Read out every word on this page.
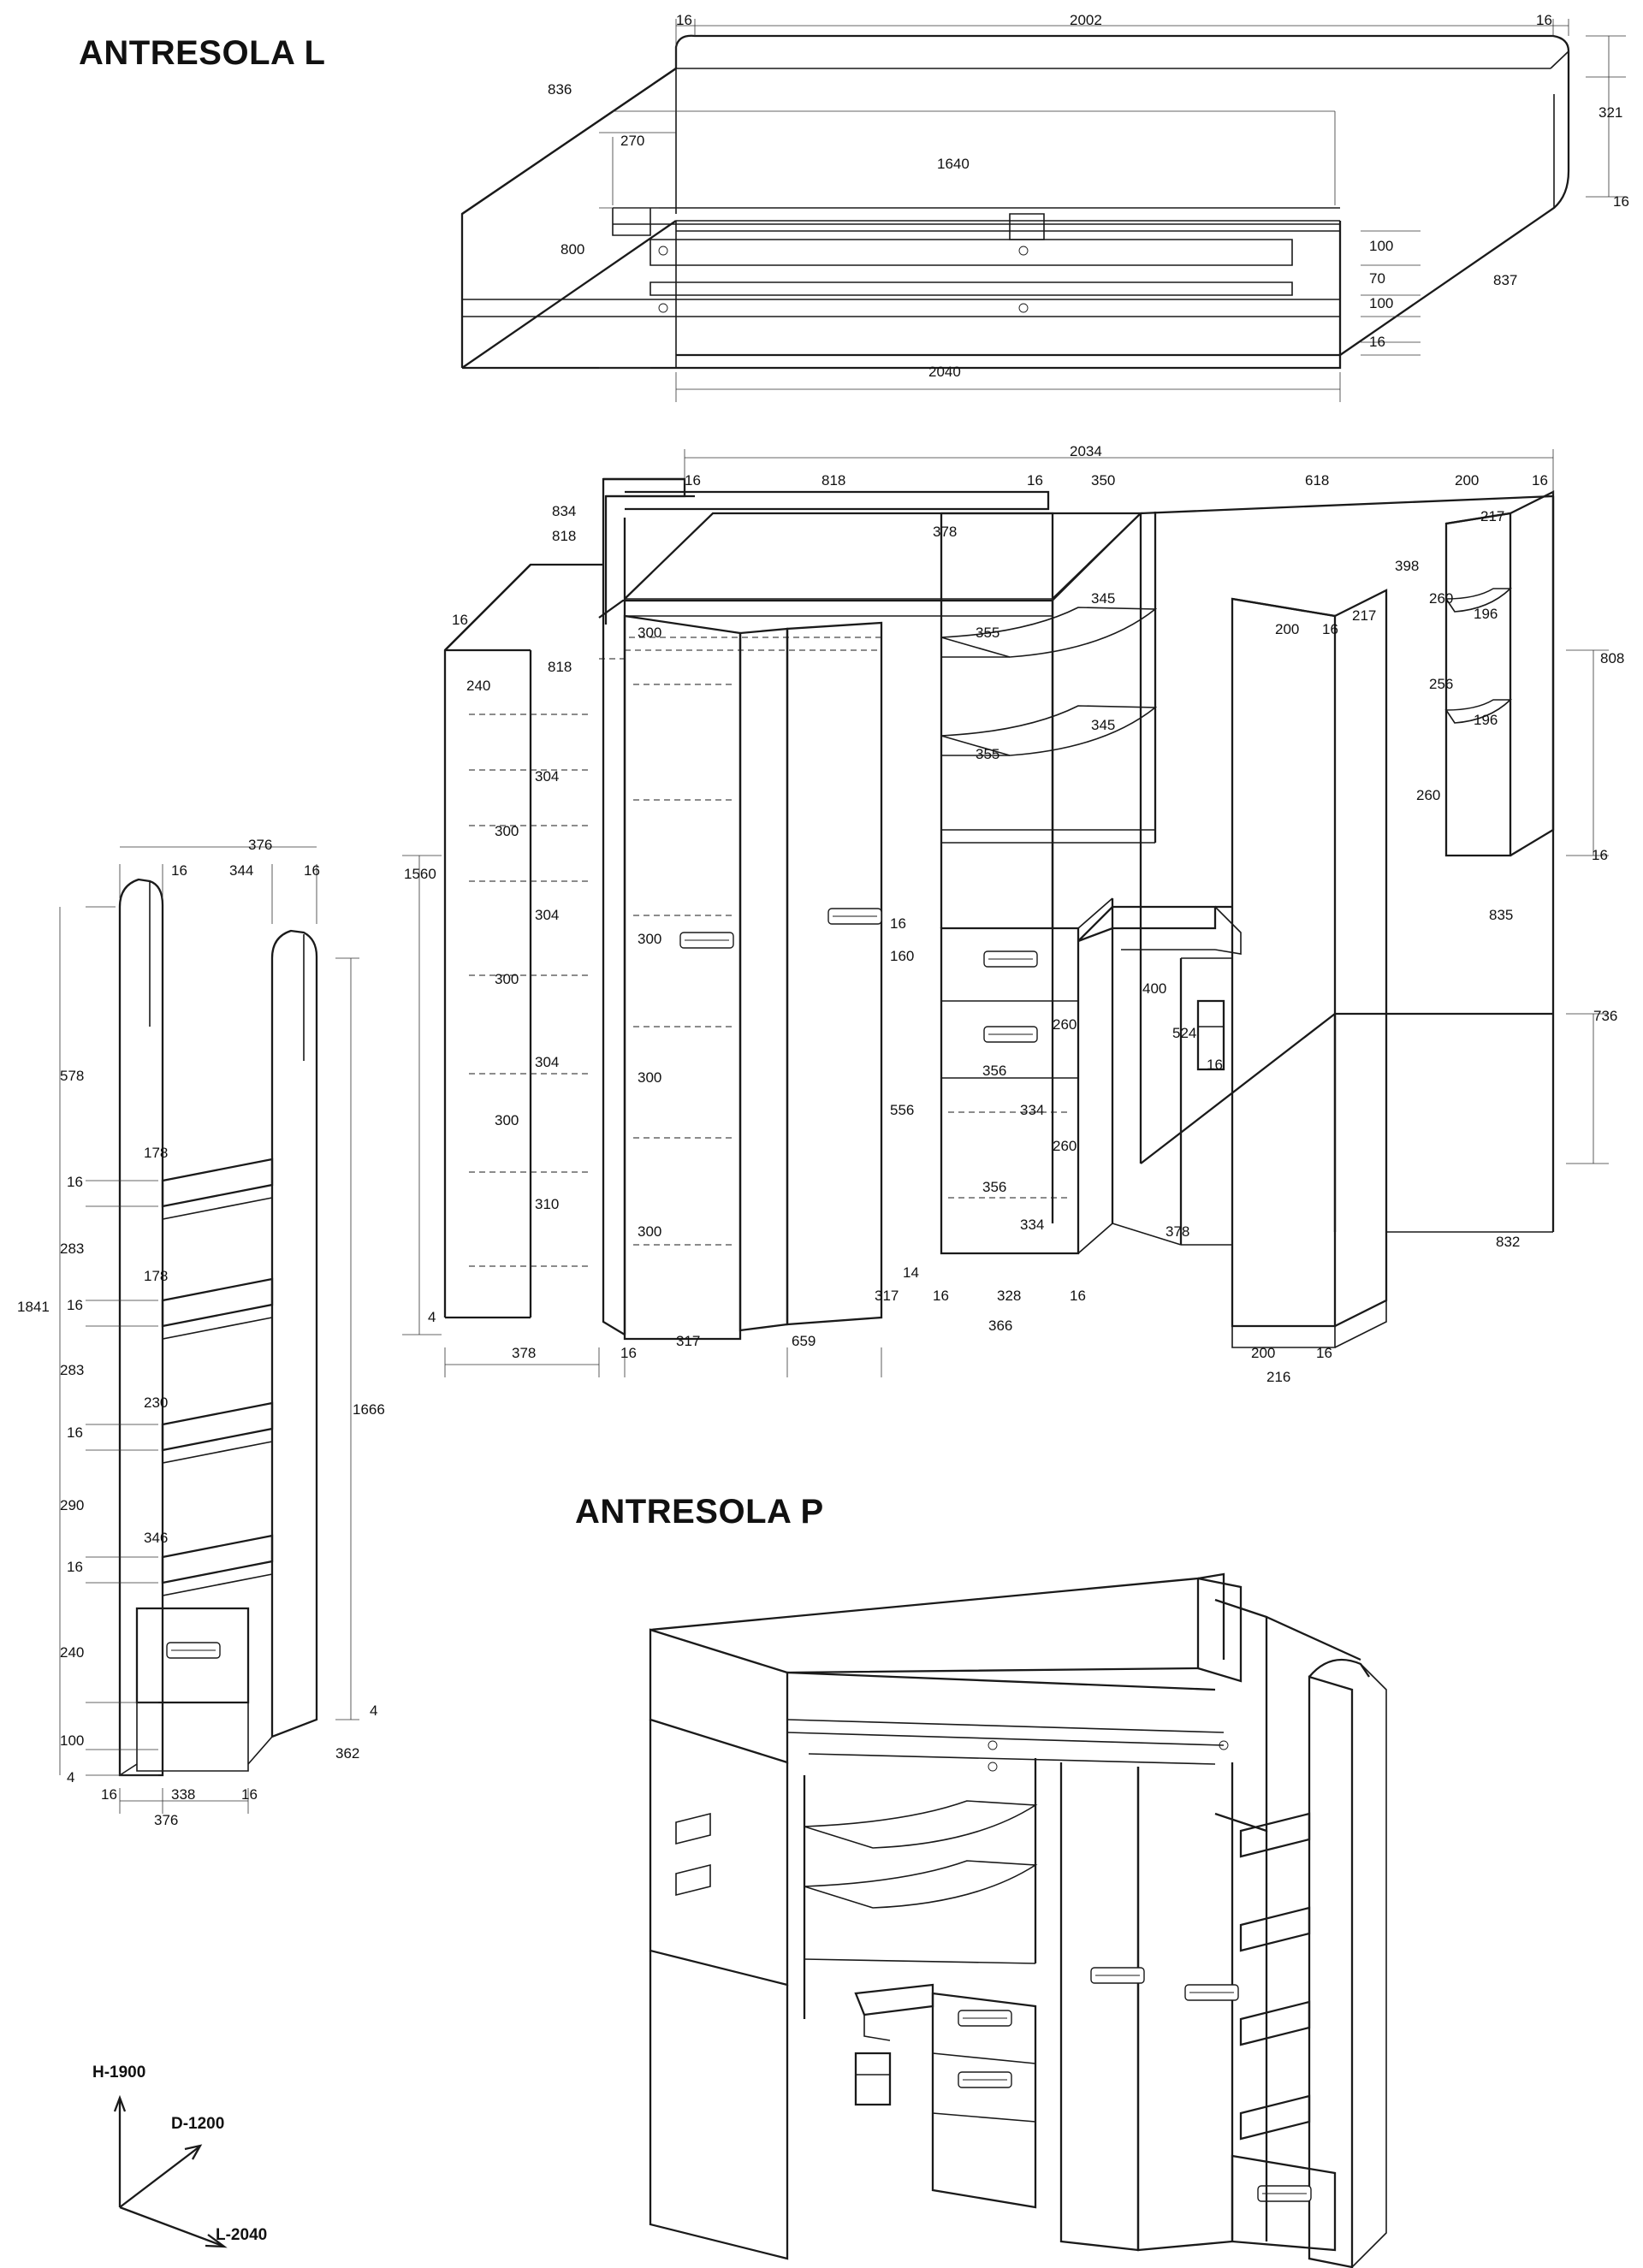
ANTRESOLA L
ANTRESOLA P
16	2002	16
836
321
270
1640
16
800	100
70
100
16
837
2040
2034
834
818
16	818	16	350	618	200	16
217
378
345
398
355
260
196
808
200 16
217
345
256
355
196
818
16
240
260
304
300
300
16
835
304
300
1560
300
160
16
400
736
304
300
260
524
16
300	356
310
556	334
300
260
356
334	378
832
4
14
317 16	328	16
378	16
317	659
366
200	16
216
376
16	344	16
578
178
16
283
178
16
1841
283
230
16
290
346
1666
16
240
100
4
4
362
16	338	16
376
H-1900
D-1200
L-2040
